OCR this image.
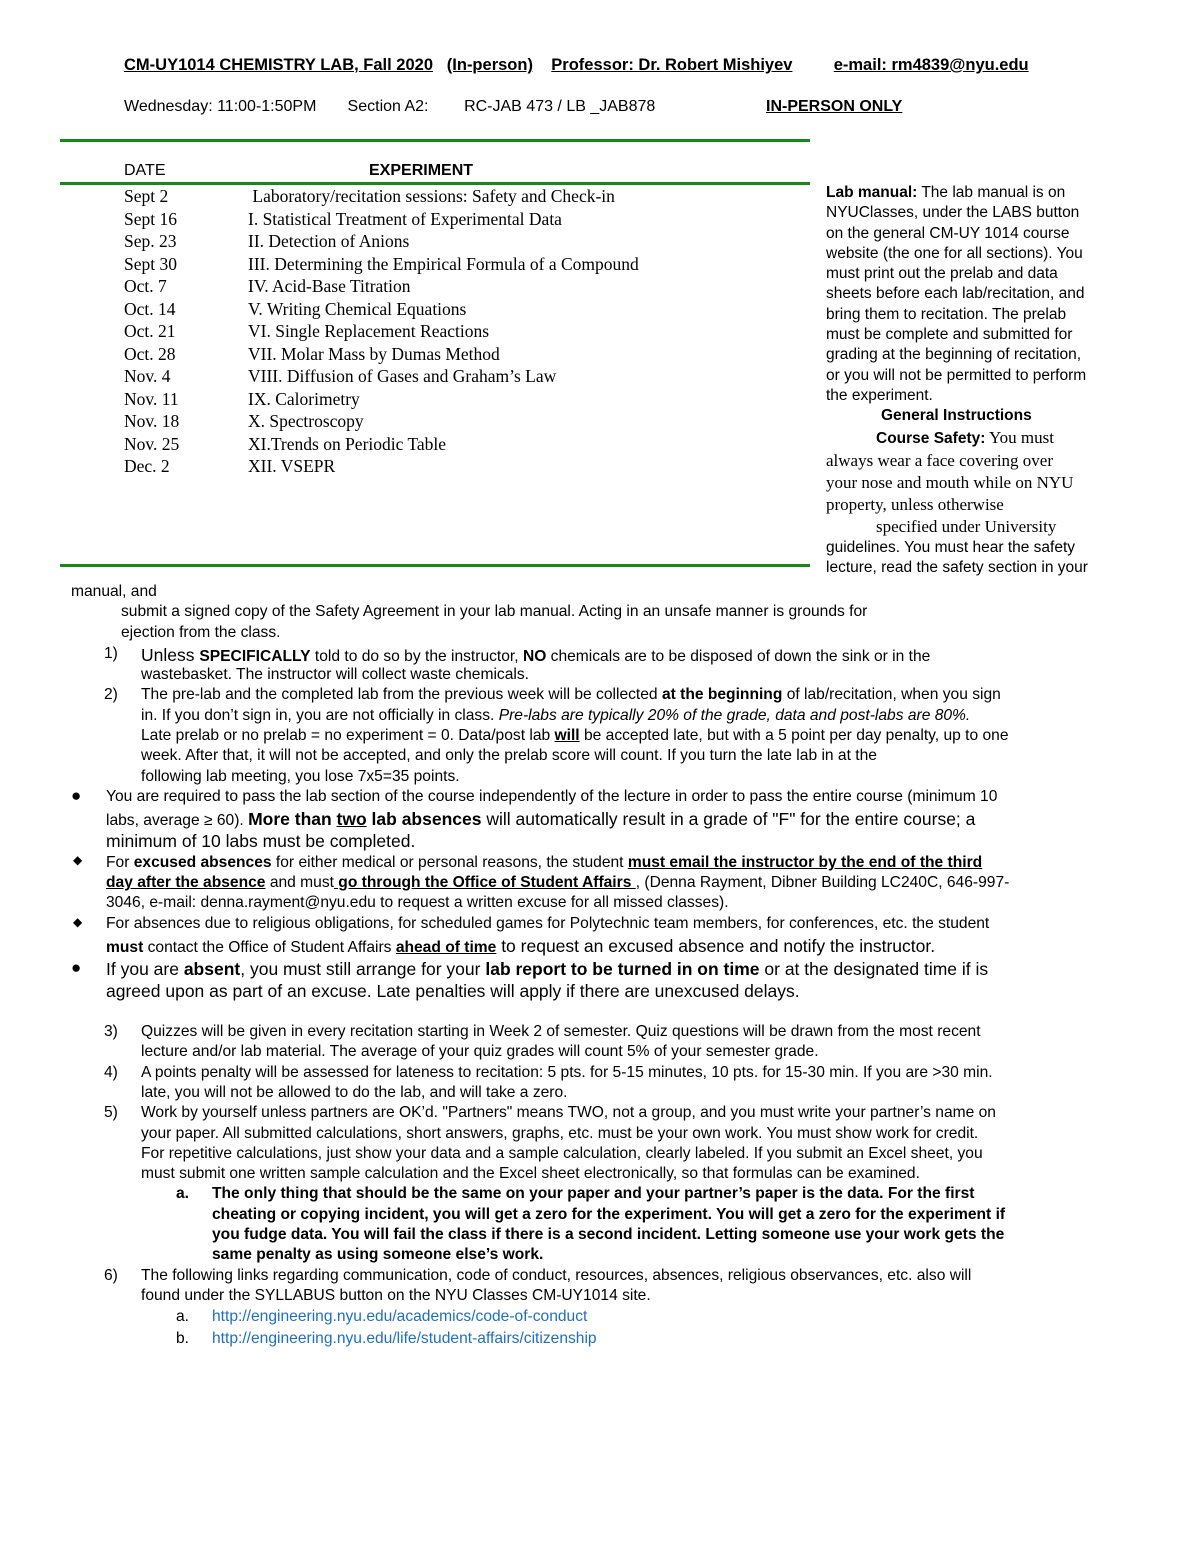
CM-UY1014 CHEMISTRY LAB, Fall 2020 (In-person) Professor: Dr. Robert Mishiyev	e-mail: rm4839@nyu.edu
Wednesday: 11:00-1:50PM Section A2: RC-JAB 473 / LB _JAB878	IN-PERSON ONLY
DATE	EXPERIMENT
Sept 2	Laboratory/recitation sessions: Safety and Check-in
Sept 16	I. Statistical Treatment of Experimental Data
Sep. 23	II. Detection of Anions
Sept 30	III. Determining the Empirical Formula of a Compound
Oct. 7	IV. Acid-Base Titration
Oct. 14	V. Writing Chemical Equations
Oct. 21	VI. Single Replacement Reactions
Oct. 28	VII. Molar Mass by Dumas Method
Nov. 4	VIII. Diffusion of Gases and Graham’s Law
Nov. 11	IX. Calorimetry
Nov. 18	X. Spectroscopy
Nov. 25	XI.Trends on Periodic Table
Dec. 2	XII. VSEPR
Lab manual: The lab manual is on
NYUClasses, under the LABS button
on the general CM-UY 1014 course
website (the one for all sections). You
must print out the prelab and data
sheets before each lab/recitation, and
bring them to recitation. The prelab
must be complete and submitted for
grading at the beginning of recitation,
or you will not be permitted to perform
the experiment.
General Instructions
Course Safety: You must
always wear a face covering over
your nose and mouth while on NYU
property, unless otherwise
specified under University
guidelines. You must hear the safety
lecture, read the safety section in your
manual, and
submit a signed copy of the Safety Agreement in your lab manual. Acting in an unsafe manner is grounds for
ejection from the class.
1) Unless SPECIFICALLY told to do so by the instructor, NO chemicals are to be disposed of down the sink or in the
wastebasket. The instructor will collect waste chemicals.
2) The pre-lab and the completed lab from the previous week will be collected at the beginning of lab/recitation, when you sign
in. If you don’t sign in, you are not officially in class. Pre-labs are typically 20% of the grade, data and post-labs are 80%.
Late prelab or no prelab = no experiment = 0. Data/post lab will be accepted late, but with a 5 point per day penalty, up to one
week. After that, it will not be accepted, and only the prelab score will count. If you turn the late lab in at the
following lab meeting, you lose 7x5=35 points.
● You are required to pass the lab section of the course independently of the lecture in order to pass the entire course (minimum 10
labs, average ≥ 60). More than two lab absences will automatically result in a grade of "F" for the entire course; a
minimum of 10 labs must be completed.
◆ For excused absences for either medical or personal reasons, the student must email the instructor by the end of the third
day after the absence and must go through the Office of Student Affairs , (Denna Rayment, Dibner Building LC240C, 646-997-
3046, e-mail: denna.rayment@nyu.edu to request a written excuse for all missed classes).
◆ For absences due to religious obligations, for scheduled games for Polytechnic team members, for conferences, etc. the student
must contact the Office of Student Affairs ahead of time to request an excused absence and notify the instructor.
● If you are absent, you must still arrange for your lab report to be turned in on time or at the designated time if is
agreed upon as part of an excuse. Late penalties will apply if there are unexcused delays.
3) Quizzes will be given in every recitation starting in Week 2 of semester. Quiz questions will be drawn from the most recent
lecture and/or lab material. The average of your quiz grades will count 5% of your semester grade.
4) A points penalty will be assessed for lateness to recitation: 5 pts. for 5-15 minutes, 10 pts. for 15-30 min. If you are >30 min.
late, you will not be allowed to do the lab, and will take a zero.
5) Work by yourself unless partners are OK’d. "Partners" means TWO, not a group, and you must write your partner’s name on
your paper. All submitted calculations, short answers, graphs, etc. must be your own work. You must show work for credit.
For repetitive calculations, just show your data and a sample calculation, clearly labeled. If you submit an Excel sheet, you
must submit one written sample calculation and the Excel sheet electronically, so that formulas can be examined.
a. The only thing that should be the same on your paper and your partner’s paper is the data. For the first
cheating or copying incident, you will get a zero for the experiment. You will get a zero for the experiment if
you fudge data. You will fail the class if there is a second incident. Letting someone use your work gets the
same penalty as using someone else’s work.
6) The following links regarding communication, code of conduct, resources, absences, religious observances, etc. also will
found under the SYLLABUS button on the NYU Classes CM-UY1014 site.
a. http://engineering.nyu.edu/academics/code-of-conduct
b. http://engineering.nyu.edu/life/student-affairs/citizenship
